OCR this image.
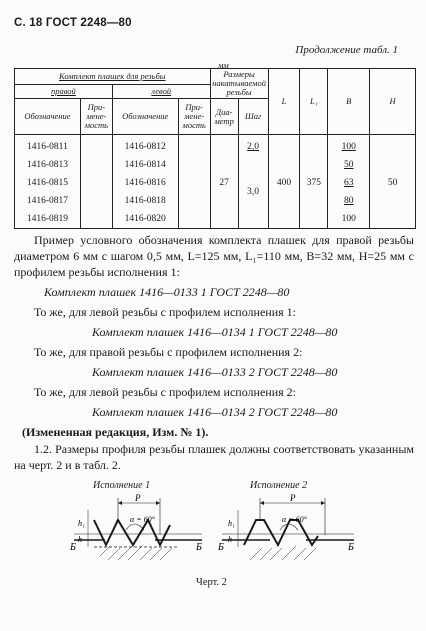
С. 18 ГОСТ 2248—80
Продолжение табл. 1
мм
Комплект плашек для резьбы				Размеры
накатываемой
резьбы		L	L₁	B	H
правой		левой							
Обозначение	При-
мене-
мость	Обозначение	При-
мене-
мость	Диа-
метр	Шаг				
1416-0811		1416-0812		27	2,0	400	375	100	50
1416-0813		1416-0814			3,0			50	
1416-0815		1416-0816						63	
1416-0817		1416-0818						80	
1416-0819		1416-0820						100	
Пример условного обозначения комплекта плашек для правой резьбы диаметром 6 мм с шагом 0,5 мм, L=125 мм, L₁=110 мм, B=32 мм, H=25 мм с профилем резьбы исполнения 1:
Комплект плашек 1416—0133 1 ГОСТ 2248—80
То же, для левой резьбы с профилем исполнения 1:
Комплект плашек 1416—0134 1 ГОСТ 2248—80
То же, для правой резьбы с профилем исполнения 2:
Комплект плашек 1416—0133 2 ГОСТ 2248—80
То же, для левой резьбы с профилем исполнения 2:
Комплект плашек 1416—0134 2 ГОСТ 2248—80
(Измененная редакция, Изм. № 1).
1.2. Размеры профиля резьбы плашек должны соответствовать указанным на черт. 2 и в табл. 2.
Исполнение 1	Исполнение 2
P
r α = 60°
h₁
h
Б	Б
P
α = 60°
h₁
h
Б	Б
Черт. 2
